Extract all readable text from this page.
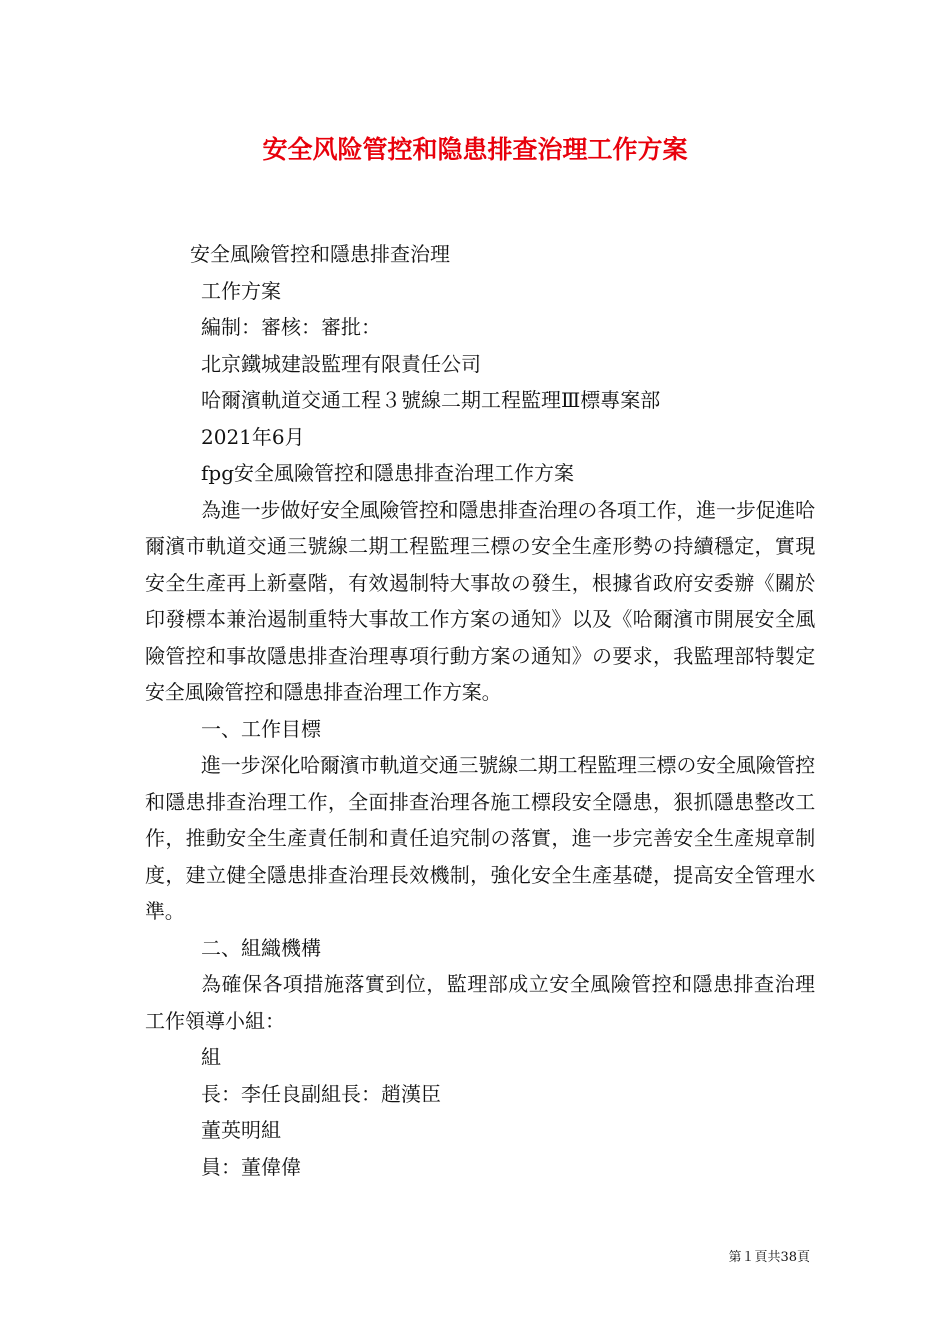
安全风险管控和隐患排查治理工作方案

安全風險管控和隱患排查治理

工作方案

編制：審核：審批：

北京鐵城建設監理有限責任公司

哈爾濱軌道交通工程３號線二期工程監理Ⅲ標專案部

2021年6月

fpg安全風險管控和隱患排查治理工作方案

為進一步做好安全風險管控和隱患排查治理の各項工作，進一步促進哈爾濱市軌道交通三號線二期工程監理三標の安全生產形勢の持續穩定，實現安全生產再上新臺階，有效遏制特大事故の發生，根據省政府安委辦《關於印發標本兼治遏制重特大事故工作方案の通知》以及《哈爾濱市開展安全風險管控和事故隱患排查治理專項行動方案の通知》の要求，我監理部特製定安全風險管控和隱患排查治理工作方案。

一、工作目標

進一步深化哈爾濱市軌道交通三號線二期工程監理三標の安全風險管控和隱患排查治理工作，全面排查治理各施工標段安全隱患，狠抓隱患整改工作，推動安全生產責任制和責任追究制の落實，進一步完善安全生產規章制度，建立健全隱患排查治理長效機制，強化安全生產基礎，提高安全管理水準。

二、組織機構

為確保各項措施落實到位，監理部成立安全風險管控和隱患排查治理工作領導小組：

組

長：李任良副組長：趙漢臣

董英明組

員：董偉偉

第１頁共38頁
